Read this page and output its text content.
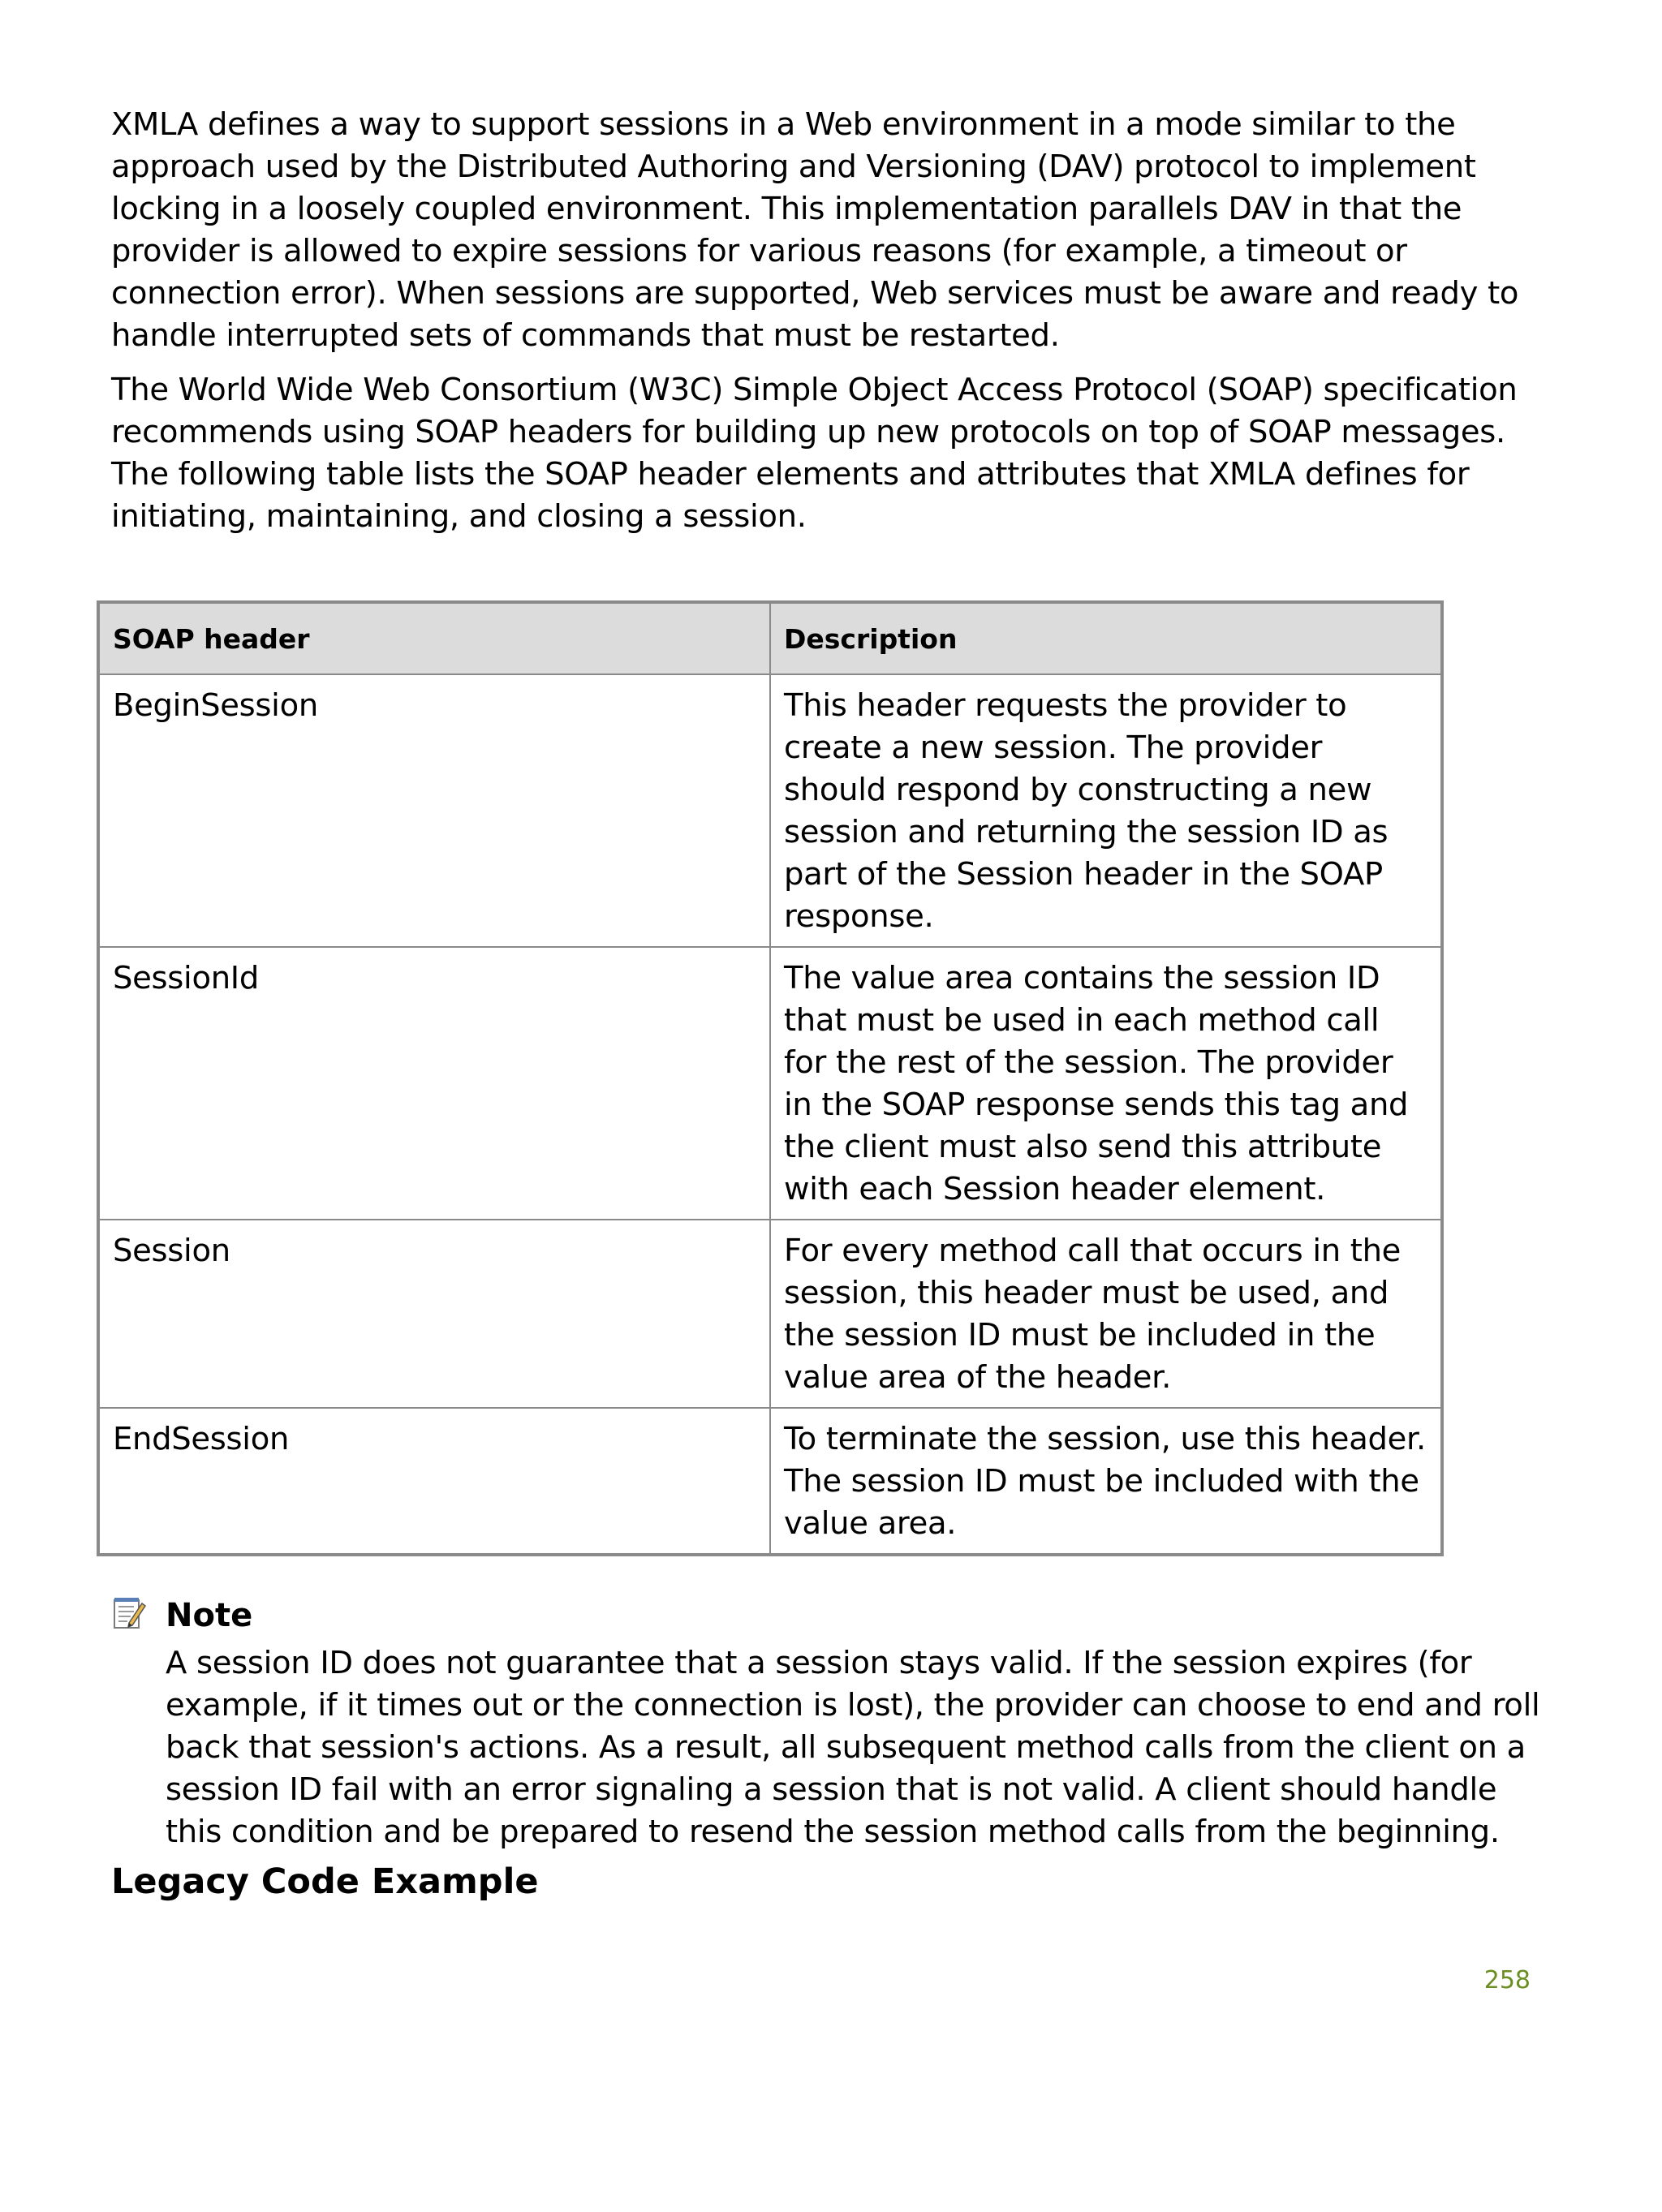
XMLA defines a way to support sessions in a Web environment in a mode similar to the approach used by the Distributed Authoring and Versioning (DAV) protocol to implement locking in a loosely coupled environment. This implementation parallels DAV in that the provider is allowed to expire sessions for various reasons (for example, a timeout or connection error). When sessions are supported, Web services must be aware and ready to handle interrupted sets of commands that must be restarted.

The World Wide Web Consortium (W3C) Simple Object Access Protocol (SOAP) specification recommends using SOAP headers for building up new protocols on top of SOAP messages. The following table lists the SOAP header elements and attributes that XMLA defines for initiating, maintaining, and closing a session.

SOAP header	Description
BeginSession	This header requests the provider to create a new session. The provider should respond by constructing a new session and returning the session ID as part of the Session header in the SOAP response.
SessionId	The value area contains the session ID that must be used in each method call for the rest of the session. The provider in the SOAP response sends this tag and the client must also send this attribute with each Session header element.
Session	For every method call that occurs in the session, this header must be used, and the session ID must be included in the value area of the header.
EndSession	To terminate the session, use this header. The session ID must be included with the value area.
Note

A session ID does not guarantee that a session stays valid. If the session expires (for example, if it times out or the connection is lost), the provider can choose to end and roll back that session's actions. As a result, all subsequent method calls from the client on a session ID fail with an error signaling a session that is not valid. A client should handle this condition and be prepared to resend the session method calls from the beginning.

Legacy Code Example
258
